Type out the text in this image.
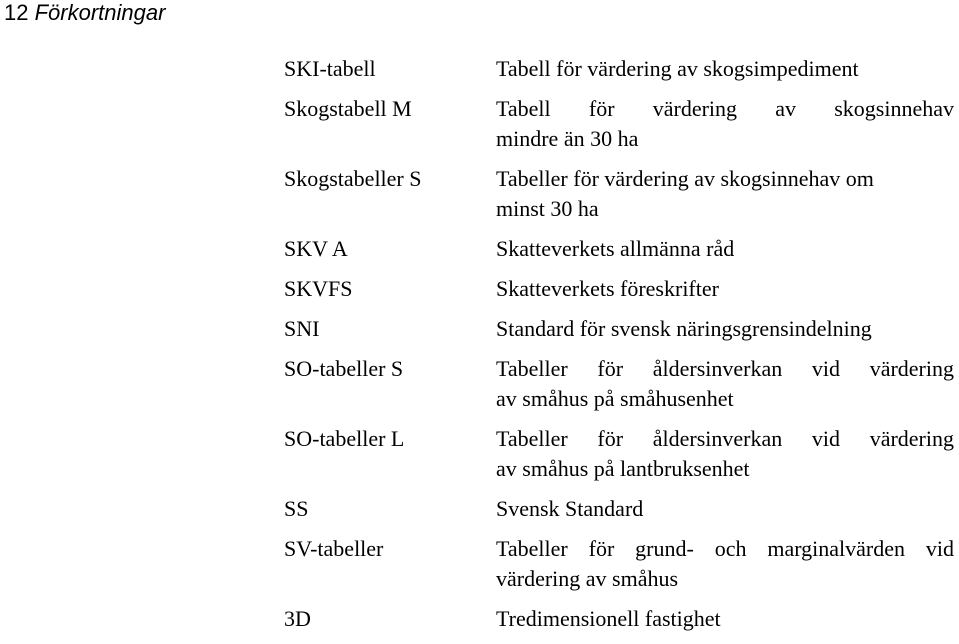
12 Förkortningar
SKI-tabell	Tabell för värdering av skogsimpediment
Skogstabell M	Tabell för värdering av skogsinnehav
mindre än 30 ha
Skogstabeller S	Tabeller för värdering av skogsinnehav om
minst 30 ha
SKV A	Skatteverkets allmänna råd
SKVFS	Skatteverkets föreskrifter
SNI	Standard för svensk näringsgrensindelning
SO-tabeller S	Tabeller för åldersinverkan vid värdering
av småhus på småhusenhet
SO-tabeller L	Tabeller för åldersinverkan vid värdering
av småhus på lantbruksenhet
SS	Svensk Standard
SV-tabeller	Tabeller för grund- och marginalvärden vid
värdering av småhus
3D	Tredimensionell fastighet
